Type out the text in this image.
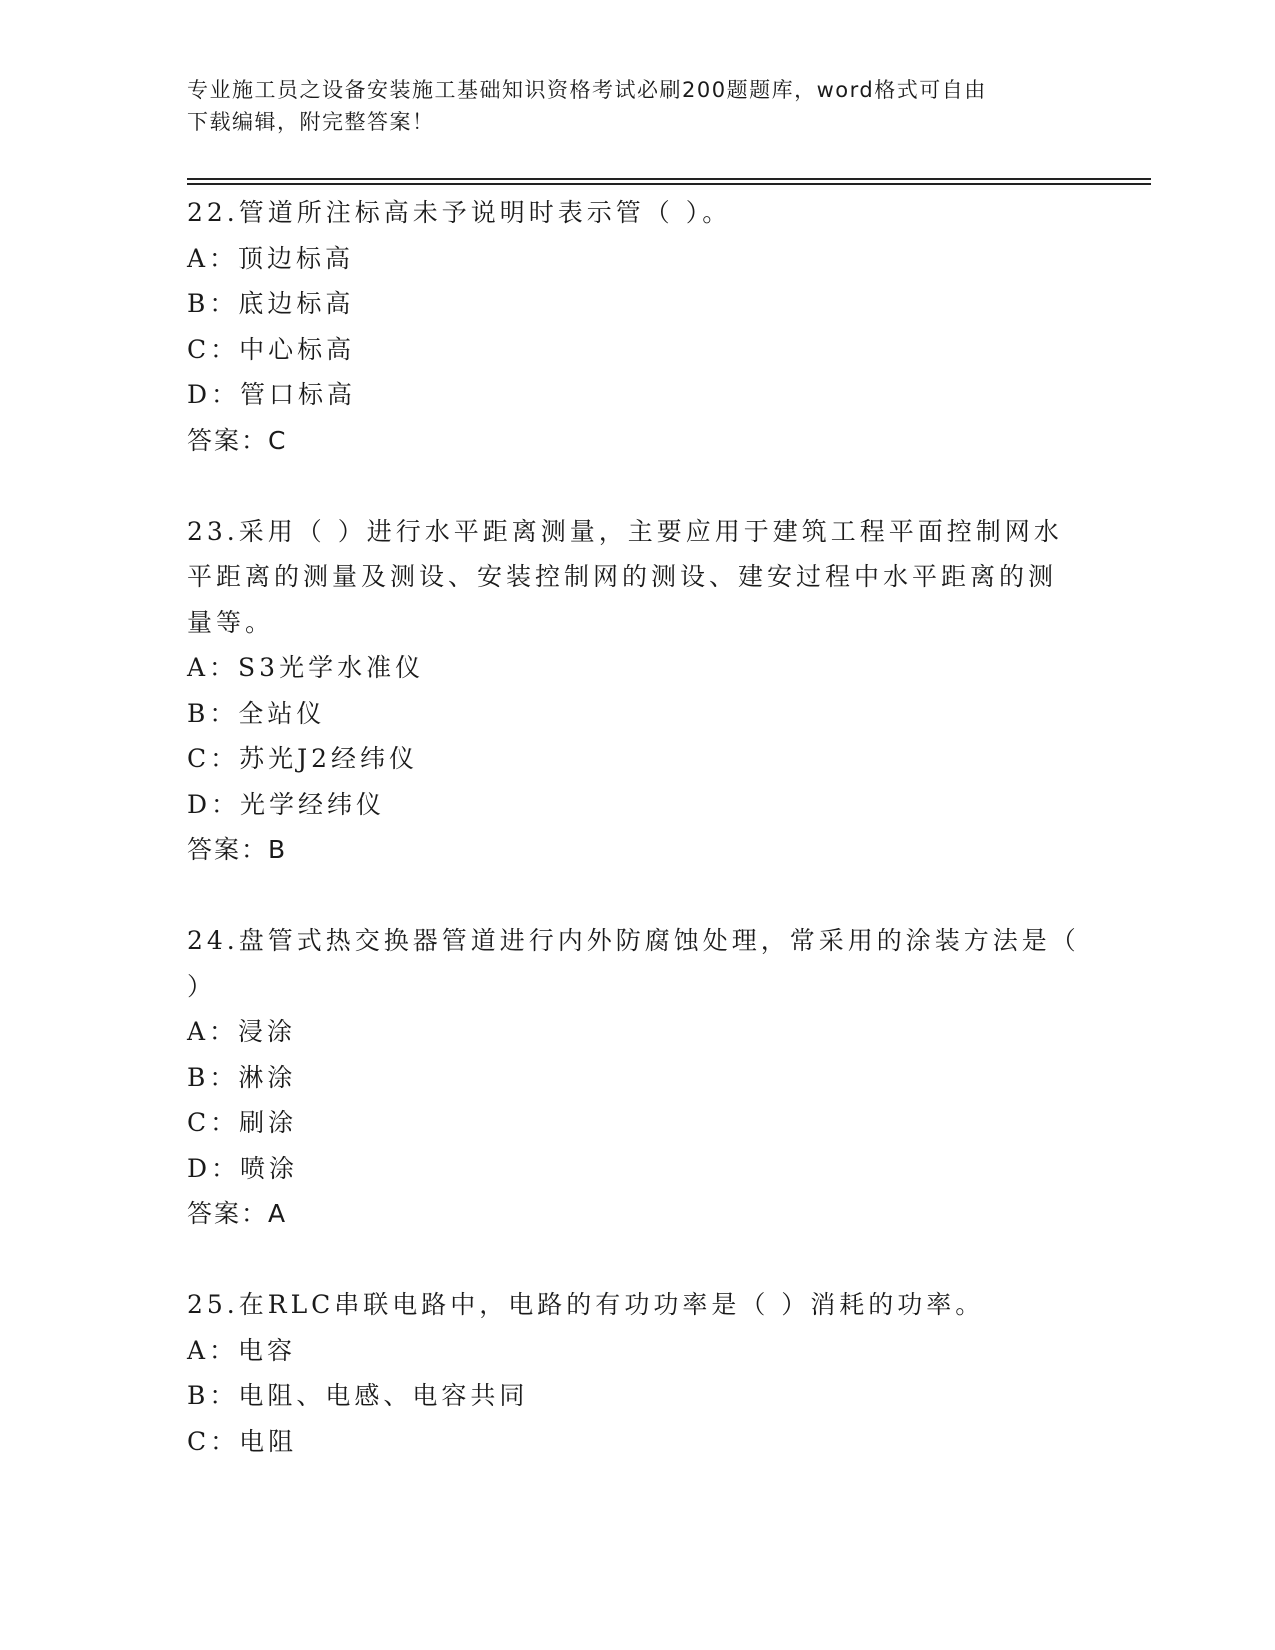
专业施工员之设备安装施工基础知识资格考试必刷200题题库，word格式可自由
下载编辑，附完整答案！
22.管道所注标高未予说明时表示管（ ）。
A：顶边标高
B：底边标高
C：中心标高
D：管口标高
答案：C
23.采用（ ）进行水平距离测量，主要应用于建筑工程平面控制网水
平距离的测量及测设、安装控制网的测设、建安过程中水平距离的测
量等。
A：S3光学水准仪
B：全站仪
C：苏光J2经纬仪
D：光学经纬仪
答案：B
24.盘管式热交换器管道进行内外防腐蚀处理，常采用的涂装方法是（
）
A：浸涂
B：淋涂
C：刷涂
D：喷涂
答案：A
25.在RLC串联电路中，电路的有功功率是（ ）消耗的功率。
A：电容
B：电阻、电感、电容共同
C：电阻
